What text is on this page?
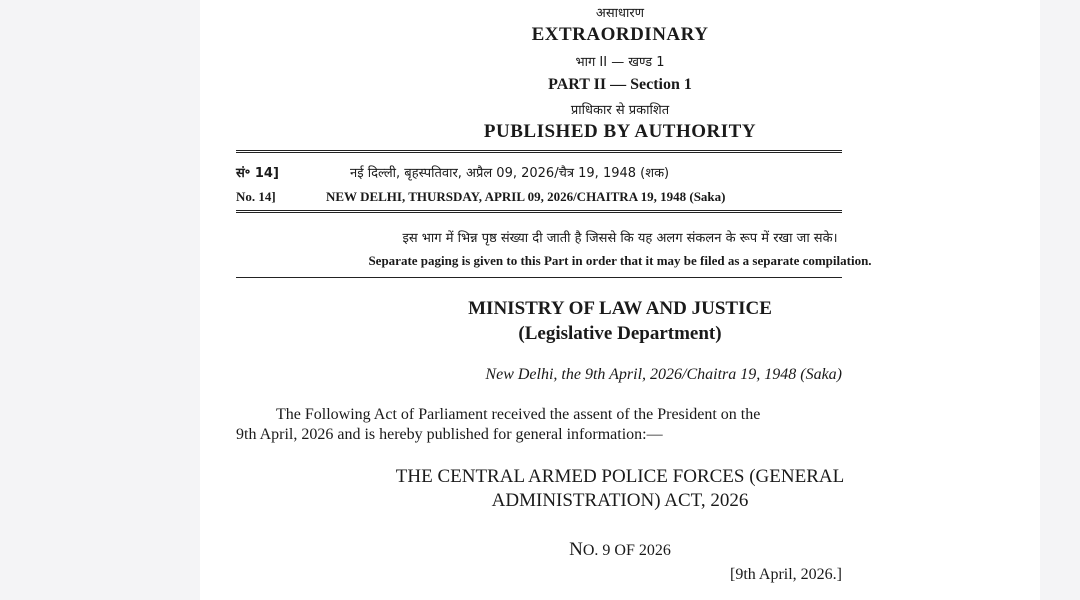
असाधारण
EXTRAORDINARY
भाग II — खण्ड 1
PART II — Section 1
प्राधिकार से प्रकाशित
PUBLISHED BY AUTHORITY
सं॰ 14]	नई दिल्ली, बृहस्पतिवार, अप्रैल 09, 2026/चैत्र 19, 1948 (शक)
No. 14]	NEW DELHI, THURSDAY, APRIL 09, 2026/CHAITRA 19, 1948 (Saka)
इस भाग में भिन्न पृष्ठ संख्या दी जाती है जिससे कि यह अलग संकलन के रूप में रखा जा सके।
Separate paging is given to this Part in order that it may be filed as a separate compilation.
MINISTRY OF LAW AND JUSTICE
(Legislative Department)
New Delhi, the 9th April, 2026/Chaitra 19, 1948 (Saka)
The Following Act of Parliament received the assent of the President on the
9th April, 2026 and is hereby published for general information:—
THE CENTRAL ARMED POLICE FORCES (GENERAL
ADMINISTRATION) ACT, 2026
NO. 9 OF 2026
[9th April, 2026.]
